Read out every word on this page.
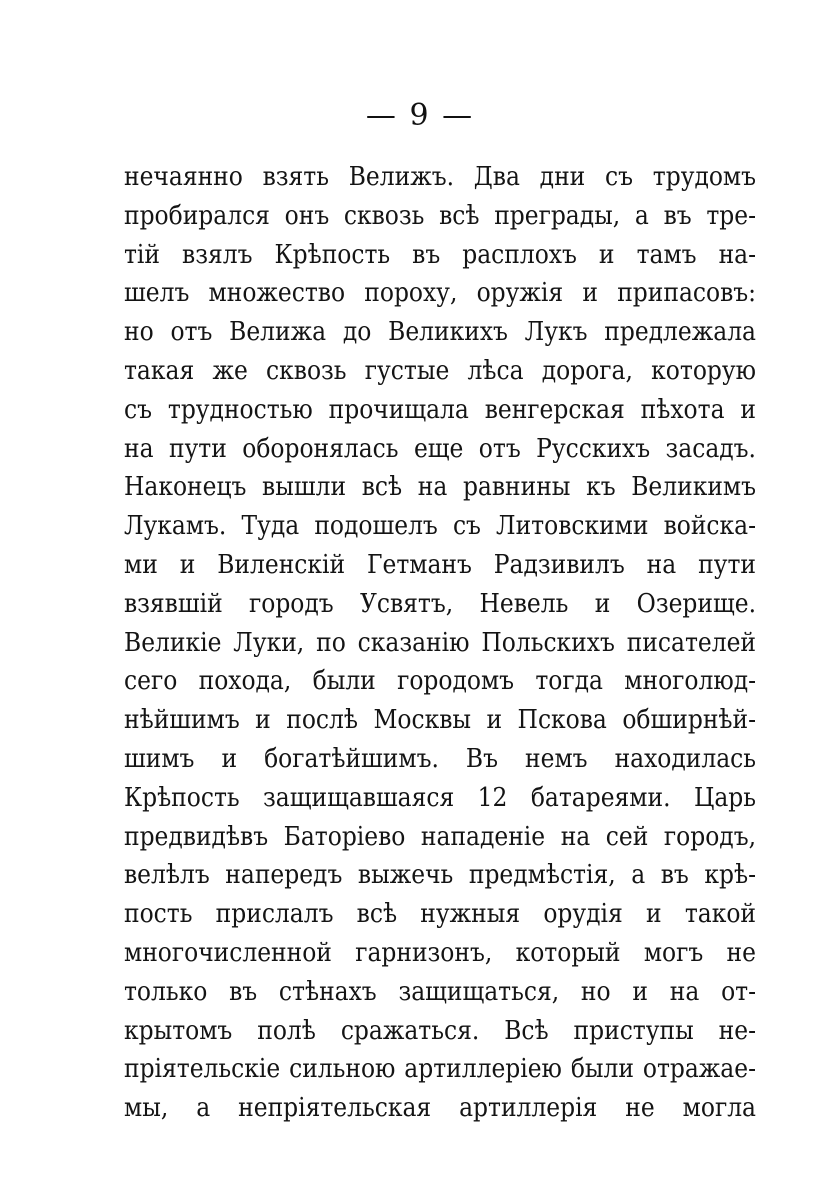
— 9 —
нечаянно взять Велижъ. Два дни съ трудомъ
пробирался онъ сквозь всѣ преграды, а въ тре-
тій взялъ Крѣпость въ расплохъ и тамъ на-
шелъ множество пороху, оружія и припасовъ:
но отъ Велижа до Великихъ Лукъ предлежала
такая же сквозь густые лѣса дорога, которую
съ трудностью прочищала венгерская пѣхота и
на пути оборонялась еще отъ Русскихъ засадъ.
Наконецъ вышли всѣ на равнины къ Великимъ
Лукамъ. Туда подошелъ съ Литовскими войска-
ми и Виленскій Гетманъ Радзивилъ на пути
взявшій городъ Усвятъ, Невель и Озерище.
Великіе Луки, по сказанію Польскихъ писателей
сего похода, были городомъ тогда многолюд-
нѣйшимъ и послѣ Москвы и Пскова обширнѣй-
шимъ и богатѣйшимъ. Въ немъ находилась
Крѣпость защищавшаяся 12 батареями. Царь
предвидѣвъ Баторіево нападеніе на сей городъ,
велѣлъ напередъ выжечь предмѣстія, а въ крѣ-
пость прислалъ всѣ нужныя орудія и такой
многочисленной гарнизонъ, который могъ не
только въ стѣнахъ защищаться, но и на от-
крытомъ полѣ сражаться. Всѣ приступы не-
пріятельскіе сильною артиллеріею были отражае-
мы, а непріятельская артиллерія не могла
